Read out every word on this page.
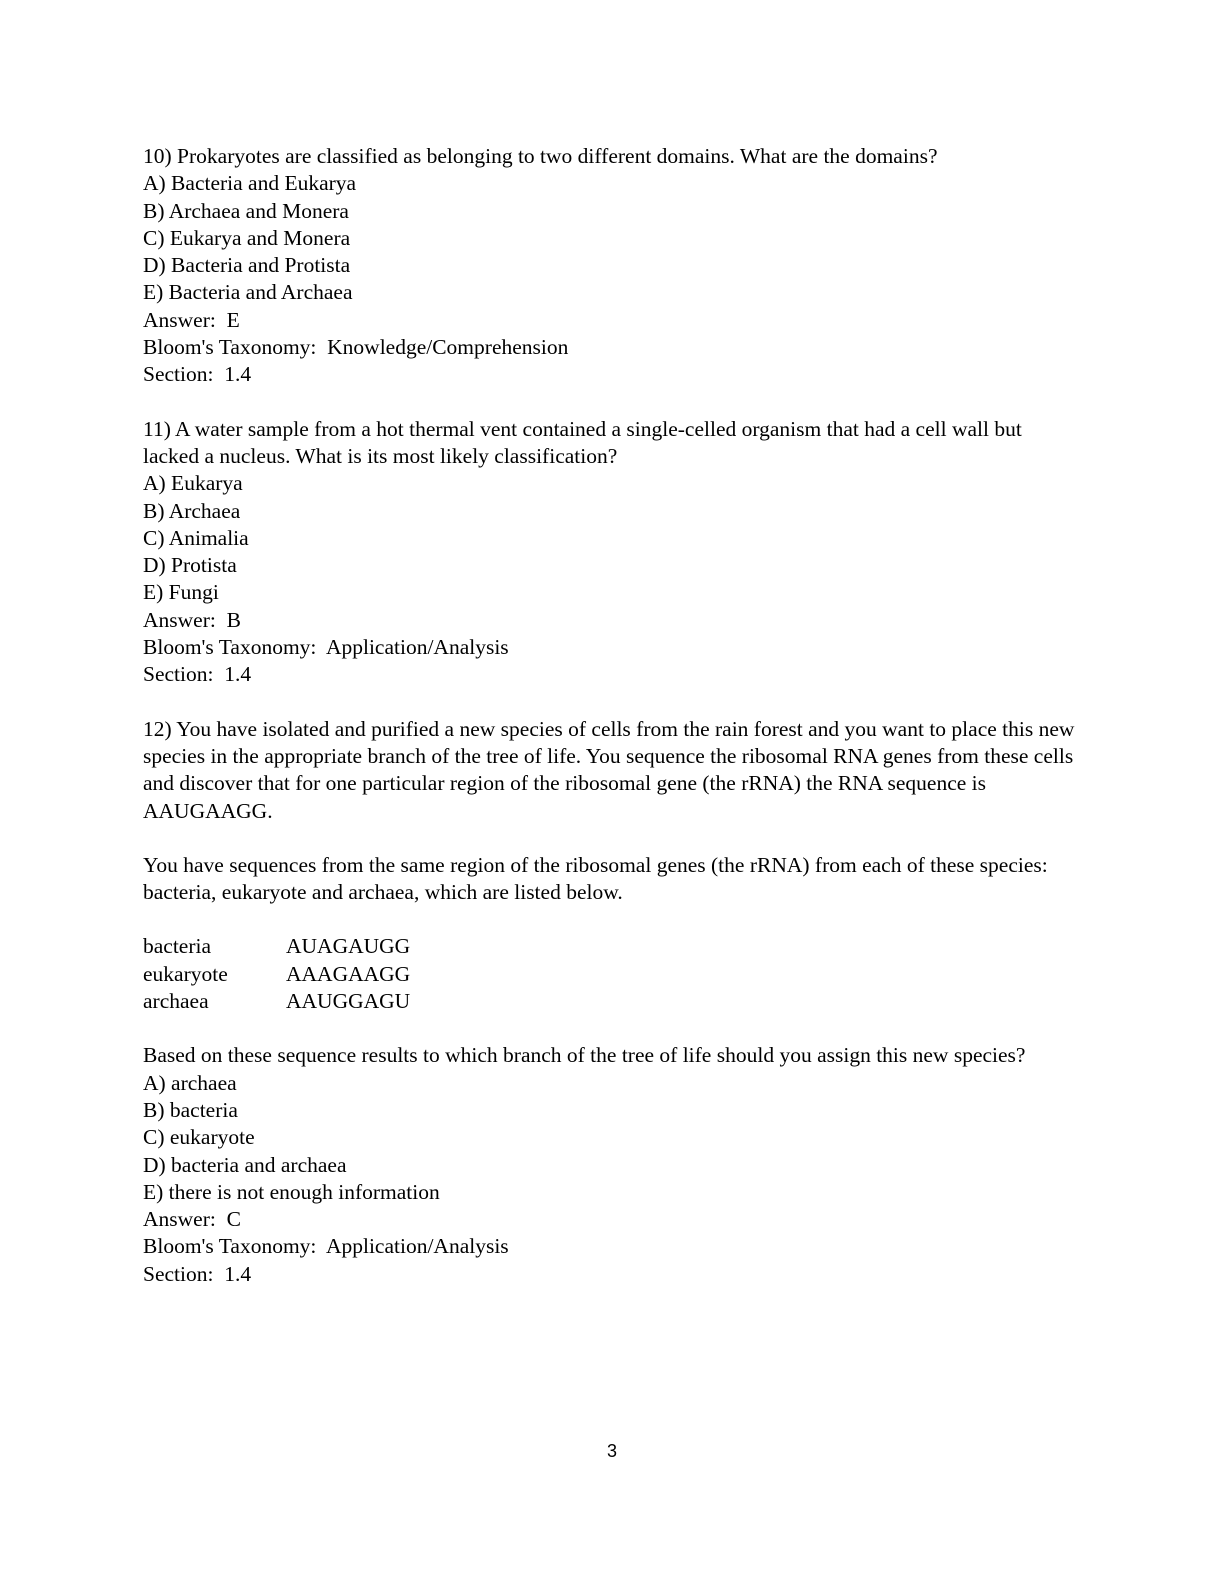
10) Prokaryotes are classified as belonging to two different domains. What are the domains?
A) Bacteria and Eukarya
B) Archaea and Monera
C) Eukarya and Monera
D) Bacteria and Protista
E) Bacteria and Archaea
Answer:  E
Bloom's Taxonomy:  Knowledge/Comprehension
Section:  1.4
11) A water sample from a hot thermal vent contained a single-celled organism that had a cell wall but lacked a nucleus. What is its most likely classification?
A) Eukarya
B) Archaea
C) Animalia
D) Protista
E) Fungi
Answer:  B
Bloom's Taxonomy:  Application/Analysis
Section:  1.4
12) You have isolated and purified a new species of cells from the rain forest and you want to place this new species in the appropriate branch of the tree of life. You sequence the ribosomal RNA genes from these cells and discover that for one particular region of the ribosomal gene (the rRNA) the RNA sequence is AAUGAAGG.
You have sequences from the same region of the ribosomal genes (the rRNA) from each of these species: bacteria, eukaryote and archaea, which are listed below.
bacteria	AUAGAUGG
eukaryote	AAAGAAGG
archaea	AAUGGAGU
Based on these sequence results to which branch of the tree of life should you assign this new species?
A) archaea
B) bacteria
C) eukaryote
D) bacteria and archaea
E) there is not enough information
Answer:  C
Bloom's Taxonomy:  Application/Analysis
Section:  1.4
3
